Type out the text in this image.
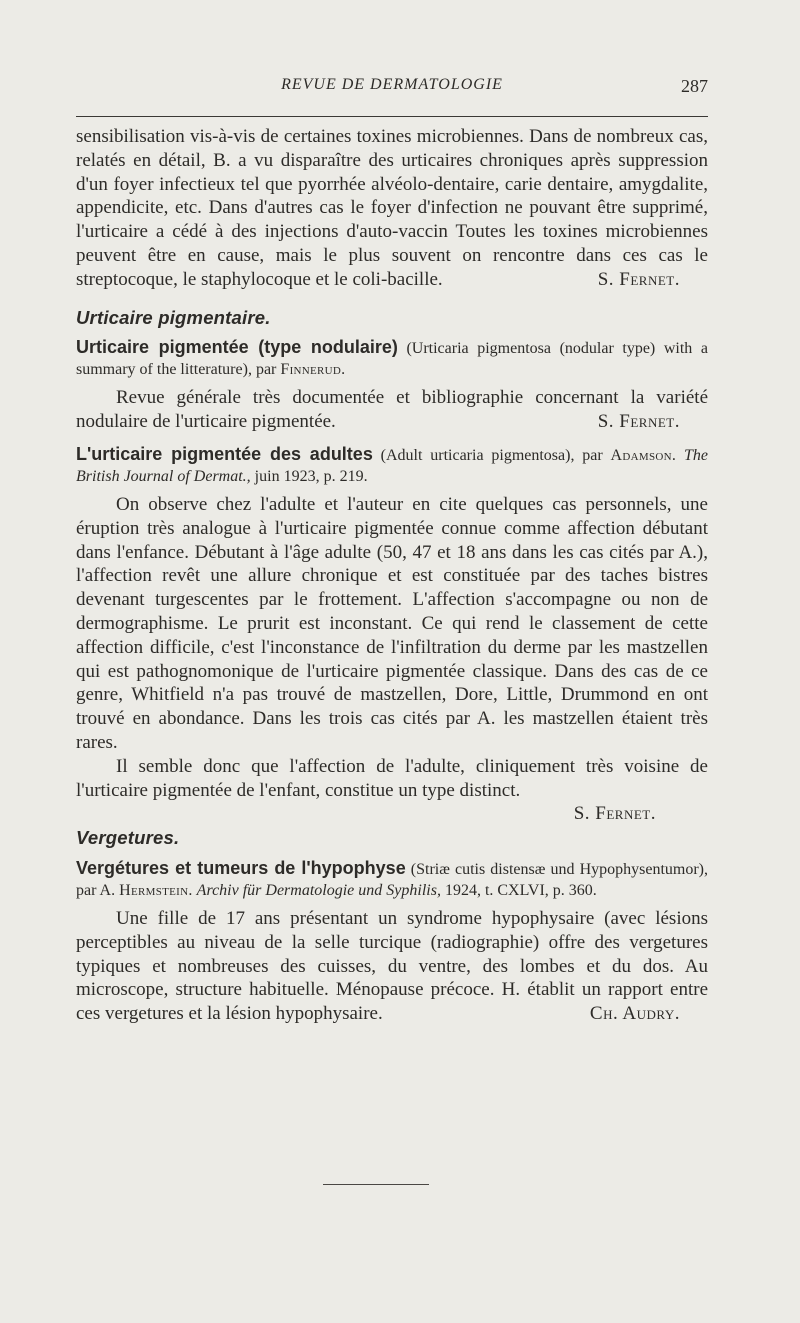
REVUE DE DERMATOLOGIE	287

sensibilisation vis-à-vis de certaines toxines microbiennes. Dans de nombreux cas, relatés en détail, B. a vu disparaître des urticaires chroniques après suppression d'un foyer infectieux tel que pyorrhée alvéolo-dentaire, carie dentaire, amygdalite, appendicite, etc. Dans d'autres cas le foyer d'infection ne pouvant être supprimé, l'urticaire a cédé à des injections d'auto-vaccin Toutes les toxines microbiennes peuvent être en cause, mais le plus souvent on rencontre dans ces cas le streptocoque, le staphylocoque et le coli-bacille.	S. Fernet.

Urticaire pigmentaire.
Urticaire pigmentée (type nodulaire) (Urticaria pigmentosa (nodular type) with a summary of the litterature), par Finnerud.

Revue générale très documentée et bibliographie concernant la variété nodulaire de l'urticaire pigmentée.	S. Fernet.

L'urticaire pigmentée des adultes (Adult urticaria pigmentosa), par Adamson. The British Journal of Dermat., juin 1923, p. 219.

On observe chez l'adulte et l'auteur en cite quelques cas personnels, une éruption très analogue à l'urticaire pigmentée connue comme affection débutant dans l'enfance. Débutant à l'âge adulte (50, 47 et 18 ans dans les cas cités par A.), l'affection revêt une allure chronique et est constituée par des taches bistres devenant turgescentes par le frottement. L'affection s'accompagne ou non de dermographisme. Le prurit est inconstant. Ce qui rend le classement de cette affection difficile, c'est l'inconstance de l'infiltration du derme par les mastzellen qui est pathognomonique de l'urticaire pigmentée classique. Dans des cas de ce genre, Whitfield n'a pas trouvé de mastzellen, Dore, Little, Drummond en ont trouvé en abondance. Dans les trois cas cités par A. les mastzellen étaient très rares.

Il semble donc que l'affection de l'adulte, cliniquement très voisine de l'urticaire pigmentée de l'enfant, constitue un type distinct.

S. Fernet.

Vergetures.
Vergétures et tumeurs de l'hypophyse (Striæ cutis distensæ und Hypophysentumor), par A. Hermstein. Archiv für Dermatologie und Syphilis, 1924, t. CXLVI, p. 360.

Une fille de 17 ans présentant un syndrome hypophysaire (avec lésions perceptibles au niveau de la selle turcique (radiographie) offre des vergetures typiques et nombreuses des cuisses, du ventre, des lombes et du dos. Au microscope, structure habituelle. Ménopause précoce. H. établit un rapport entre ces vergetures et la lésion hypophysaire.	Ch. Audry.
